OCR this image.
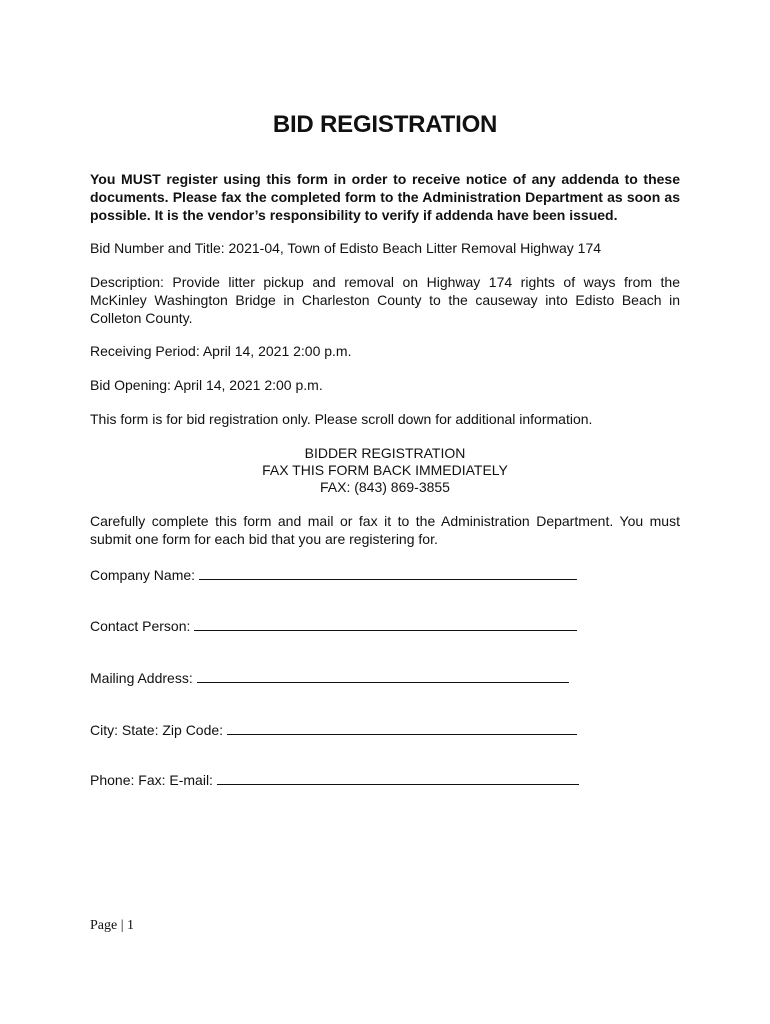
BID REGISTRATION
You MUST register using this form in order to receive notice of any addenda to these documents. Please fax the completed form to the Administration Department as soon as possible. It is the vendor’s responsibility to verify if addenda have been issued.
Bid Number and Title: 2021-04, Town of Edisto Beach Litter Removal Highway 174
Description: Provide litter pickup and removal on Highway 174 rights of ways from the McKinley Washington Bridge in Charleston County to the causeway into Edisto Beach in Colleton County.
Receiving Period: April 14, 2021 2:00 p.m.
Bid Opening: April 14, 2021 2:00 p.m.
This form is for bid registration only. Please scroll down for additional information.
BIDDER REGISTRATION
FAX THIS FORM BACK IMMEDIATELY
FAX: (843) 869-3855
Carefully complete this form and mail or fax it to the Administration Department. You must submit one form for each bid that you are registering for.
Company Name:
Contact Person:
Mailing Address:
City: State: Zip Code:
Phone: Fax: E-mail:
Page | 1
